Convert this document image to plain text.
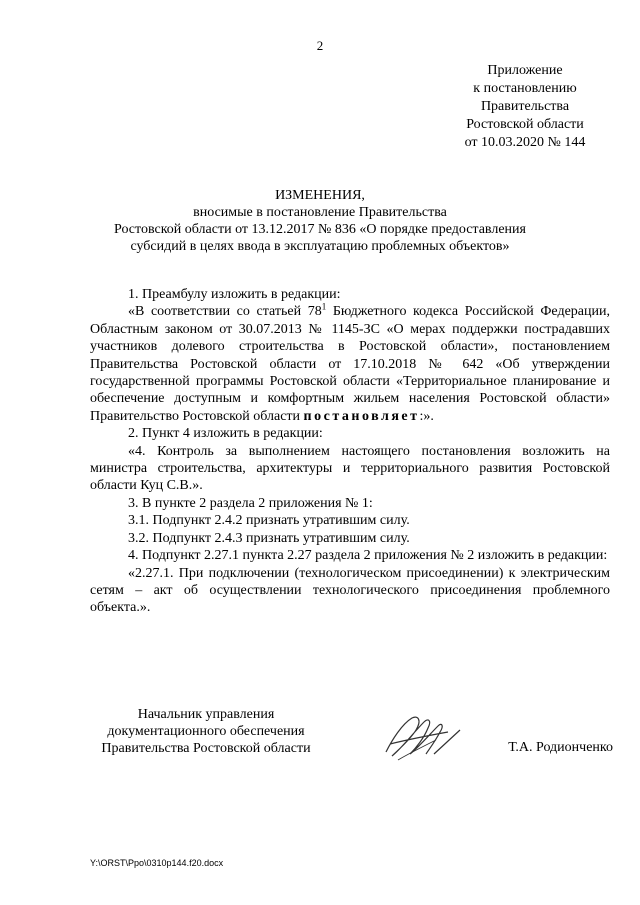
2
Приложение
к постановлению
Правительства
Ростовской области
от 10.03.2020 № 144
ИЗМЕНЕНИЯ,
вносимые в постановление Правительства
Ростовской области от 13.12.2017 № 836 «О порядке предоставления
субсидий в целях ввода в эксплуатацию проблемных объектов»

1. Преамбулу изложить в редакции:

«В соответствии со статьей $78^1$ Бюджетного кодекса Российской Федерации, Областным законом от 30.07.2013 № 1145-ЗС «О мерах поддержки пострадавших участников долевого строительства в Ростовской области», постановлением Правительства Ростовской области от 17.10.2018 № 642 «Об утверждении государственной программы Ростовской области «Территориальное планирование и обеспечение доступным и комфортным жильем населения Ростовской области» Правительство Ростовской области постановляет:».

2. Пункт 4 изложить в редакции:

«4. Контроль за выполнением настоящего постановления возложить на министра строительства, архитектуры и территориального развития Ростовской области Куц С.В.».

3. В пункте 2 раздела 2 приложения № 1:

3.1. Подпункт 2.4.2 признать утратившим силу.

3.2. Подпункт 2.4.3 признать утратившим силу.

4. Подпункт 2.27.1 пункта 2.27 раздела 2 приложения № 2 изложить в редакции:

«2.27.1. При подключении (технологическом присоединении) к электрическим сетям – акт об осуществлении технологического присоединения проблемного объекта.».

Начальник управления
документационного обеспечения
Правительства Ростовской области	Т.А. Родионченко
Y:\ORST\Ppo\0310p144.f20.docx
